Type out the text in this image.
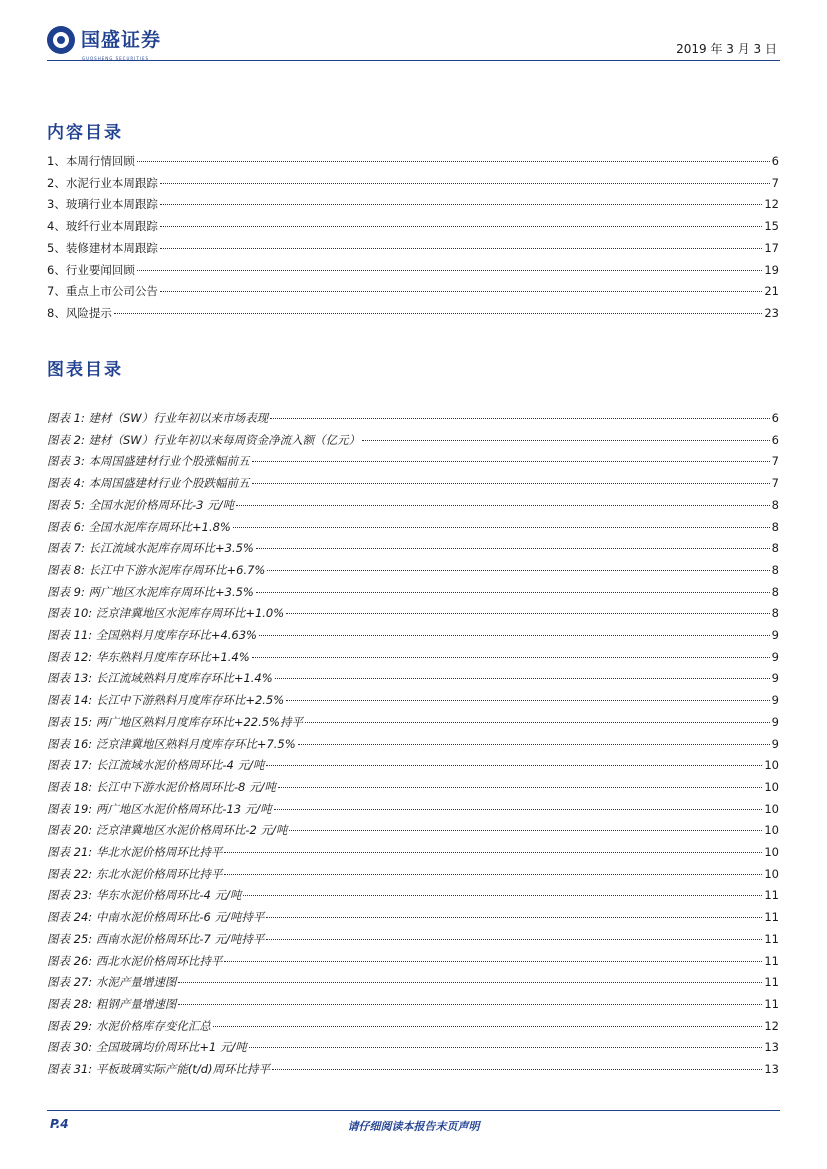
国盛证券
GUOSHENG SECURITIES
2019 年 3 月 3 日
内容目录
1、本周行情回顾	6
2、水泥行业本周跟踪	7
3、玻璃行业本周跟踪	12
4、玻纤行业本周跟踪	15
5、装修建材本周跟踪	17
6、行业要闻回顾	19
7、重点上市公司公告	21
8、风险提示	23
图表目录
图表 1: 建材（SW）行业年初以来市场表现	6
图表 2: 建材（SW）行业年初以来每周资金净流入额（亿元）	6
图表 3: 本周国盛建材行业个股涨幅前五	7
图表 4: 本周国盛建材行业个股跌幅前五	7
图表 5: 全国水泥价格周环比-3 元/吨	8
图表 6: 全国水泥库存周环比+1.8%	8
图表 7: 长江流域水泥库存周环比+3.5%	8
图表 8: 长江中下游水泥库存周环比+6.7%	8
图表 9: 两广地区水泥库存周环比+3.5%	8
图表 10: 泛京津冀地区水泥库存周环比+1.0%	8
图表 11: 全国熟料月度库存环比+4.63%	9
图表 12: 华东熟料月度库存环比+1.4%	9
图表 13: 长江流域熟料月度库存环比+1.4%	9
图表 14: 长江中下游熟料月度库存环比+2.5%	9
图表 15: 两广地区熟料月度库存环比+22.5%持平	9
图表 16: 泛京津冀地区熟料月度库存环比+7.5%	9
图表 17: 长江流域水泥价格周环比-4 元/吨	10
图表 18: 长江中下游水泥价格周环比-8 元/吨	10
图表 19: 两广地区水泥价格周环比-13 元/吨	10
图表 20: 泛京津冀地区水泥价格周环比-2 元/吨	10
图表 21: 华北水泥价格周环比持平	10
图表 22: 东北水泥价格周环比持平	10
图表 23: 华东水泥价格周环比-4 元/吨	11
图表 24: 中南水泥价格周环比-6 元/吨持平	11
图表 25: 西南水泥价格周环比-7 元/吨持平	11
图表 26: 西北水泥价格周环比持平	11
图表 27: 水泥产量增速图	11
图表 28: 粗钢产量增速图	11
图表 29: 水泥价格库存变化汇总	12
图表 30: 全国玻璃均价周环比+1 元/吨	13
图表 31: 平板玻璃实际产能(t/d)周环比持平	13
P.4	请仔细阅读本报告末页声明
